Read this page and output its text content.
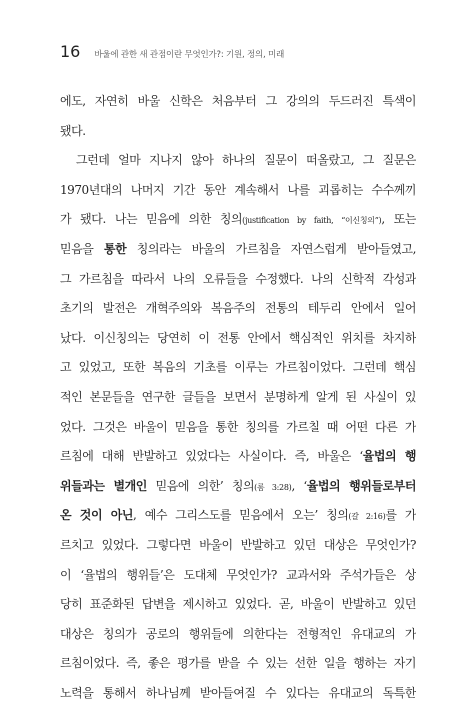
16 바울에 관한 새 관점이란 무엇인가?: 기원, 정의, 미래
에도, 자연히 바울 신학은 처음부터 그 강의의 두드러진 특색이
됐다.
그런데 얼마 지나지 않아 하나의 질문이 떠올랐고, 그 질문은
1970년대의 나머지 기간 동안 계속해서 나를 괴롭히는 수수께끼
가 됐다. 나는 믿음에 의한 칭의(justification by faith, “이신칭의”), 또는
믿음을 통한 칭의라는 바울의 가르침을 자연스럽게 받아들였고,
그 가르침을 따라서 나의 오류들을 수정했다. 나의 신학적 각성과
초기의 발전은 개혁주의와 복음주의 전통의 테두리 안에서 일어
났다. 이신칭의는 당연히 이 전통 안에서 핵심적인 위치를 차지하
고 있었고, 또한 복음의 기초를 이루는 가르침이었다. 그런데 핵심
적인 본문들을 연구한 글들을 보면서 분명하게 알게 된 사실이 있
었다. 그것은 바울이 믿음을 통한 칭의를 가르칠 때 어떤 다른 가
르침에 대해 반발하고 있었다는 사실이다. 즉, 바울은 ‘율법의 행
위들과는 별개인 믿음에 의한’ 칭의(롬 3:28), ‘율법의 행위들로부터
온 것이 아닌, 예수 그리스도를 믿음에서 오는’ 칭의(갈 2:16)를 가
르치고 있었다. 그렇다면 바울이 반발하고 있던 대상은 무엇인가?
이 ‘율법의 행위들’은 도대체 무엇인가? 교과서와 주석가들은 상
당히 표준화된 답변을 제시하고 있었다. 곧, 바울이 반발하고 있던
대상은 칭의가 공로의 행위들에 의한다는 전형적인 유대교의 가
르침이었다. 즉, 좋은 평가를 받을 수 있는 선한 일을 행하는 자기
노력을 통해서 하나님께 받아들여질 수 있다는 유대교의 독특한
